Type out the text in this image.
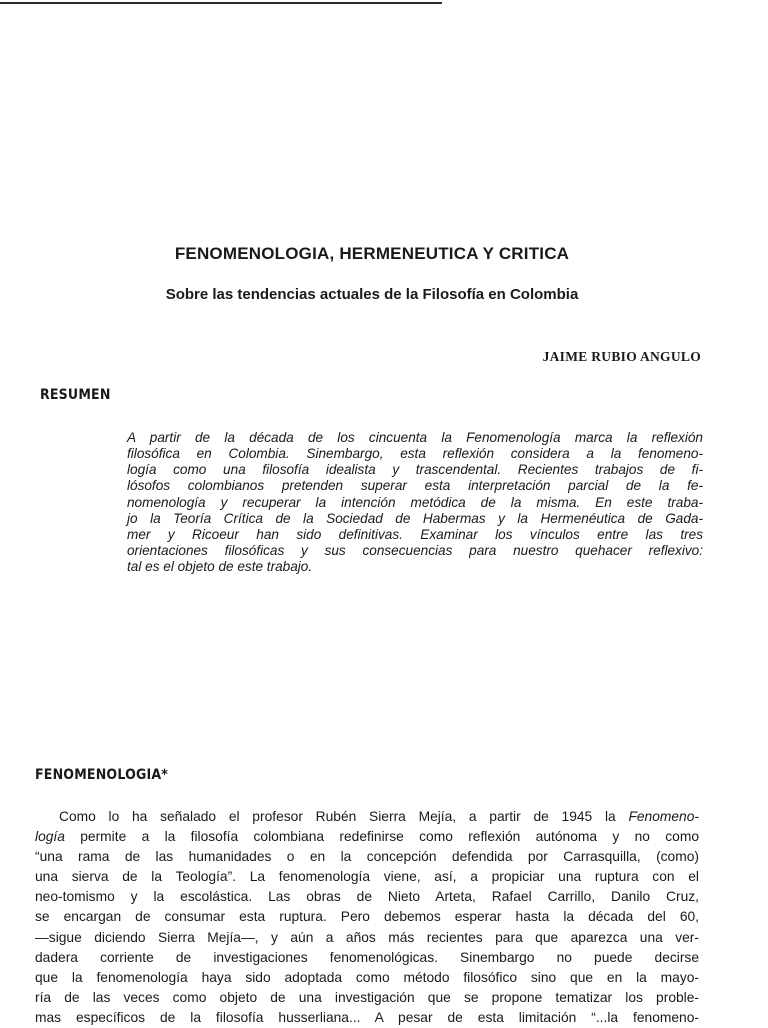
FENOMENOLOGIA, HERMENEUTICA Y CRITICA
Sobre las tendencias actuales de la Filosofía en Colombia
JAIME RUBIO ANGULO
RESUMEN
A partir de la década de los cincuenta la Fenomenología marca la reflexión
filosófica en Colombia. Sinembargo, esta reflexión considera a la fenomeno-
logía como una filosofía idealista y trascendental. Recientes trabajos de fi-
lósofos colombianos pretenden superar esta interpretación parcial de la fe-
nomenología y recuperar la intención metódica de la misma. En este traba-
jo la Teoría Crítica de la Sociedad de Habermas y la Hermenéutica de Gada-
mer y Ricoeur han sido definitivas. Examinar los vínculos entre las tres
orientaciones filosóficas y sus consecuencias para nuestro quehacer reflexivo:
tal es el objeto de este trabajo.
FENOMENOLOGIA*
Como lo ha señalado el profesor Rubén Sierra Mejía, a partir de 1945 la Fenomeno-
logía permite a la filosofía colombiana redefinirse como reflexión autónoma y no como
“una rama de las humanidades o en la concepción defendida por Carrasquilla, (como)
una sierva de la Teología”. La fenomenología viene, así, a propiciar una ruptura con el
neo-tomismo y la escolástica. Las obras de Nieto Arteta, Rafael Carrillo, Danilo Cruz,
se encargan de consumar esta ruptura. Pero debemos esperar hasta la década del 60,
—sigue diciendo Sierra Mejía—, y aún a años más recientes para que aparezca una ver-
dadera corriente de investigaciones fenomenológicas. Sinembargo no puede decirse
que la fenomenología haya sido adoptada como método filosófico sino que en la mayo-
ría de las veces como objeto de una investigación que se propone tematizar los proble-
mas específicos de la filosofía husserliana... A pesar de esta limitación “...la fenomeno-
